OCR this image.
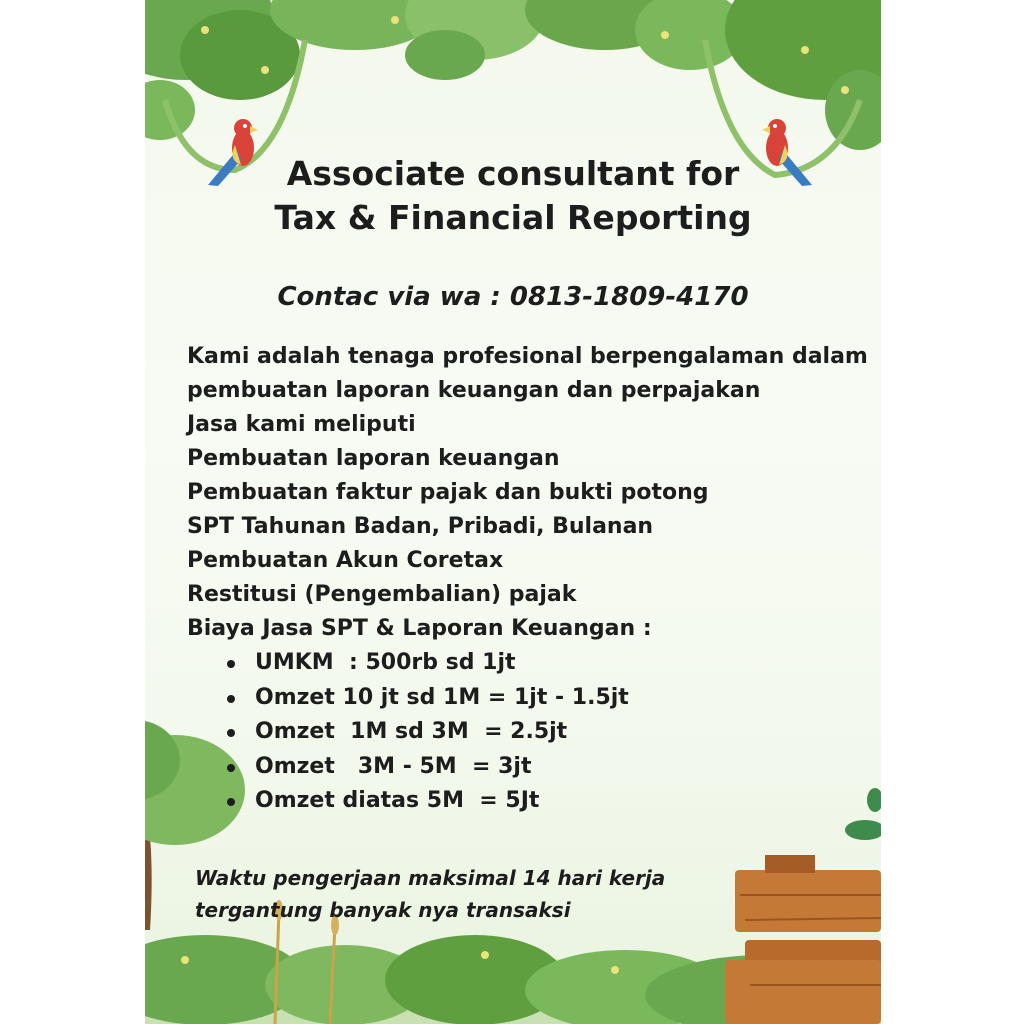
Associate consultant for
Tax & Financial Reporting
Contac via wa : 0813-1809-4170
Kami adalah tenaga profesional berpengalaman dalam
pembuatan laporan keuangan dan perpajakan
Jasa kami meliputi
Pembuatan laporan keuangan
Pembuatan faktur pajak dan bukti potong
SPT Tahunan Badan, Pribadi, Bulanan
Pembuatan Akun Coretax
Restitusi (Pengembalian) pajak
Biaya Jasa SPT & Laporan Keuangan :
UMKM  : 500rb sd 1jt
Omzet 10 jt sd 1M = 1jt - 1.5jt
Omzet  1M sd 3M  = 2.5jt
Omzet   3M - 5M  = 3jt
Omzet diatas 5M  = 5Jt
Waktu pengerjaan maksimal 14 hari kerja
tergantung banyak nya transaksi
